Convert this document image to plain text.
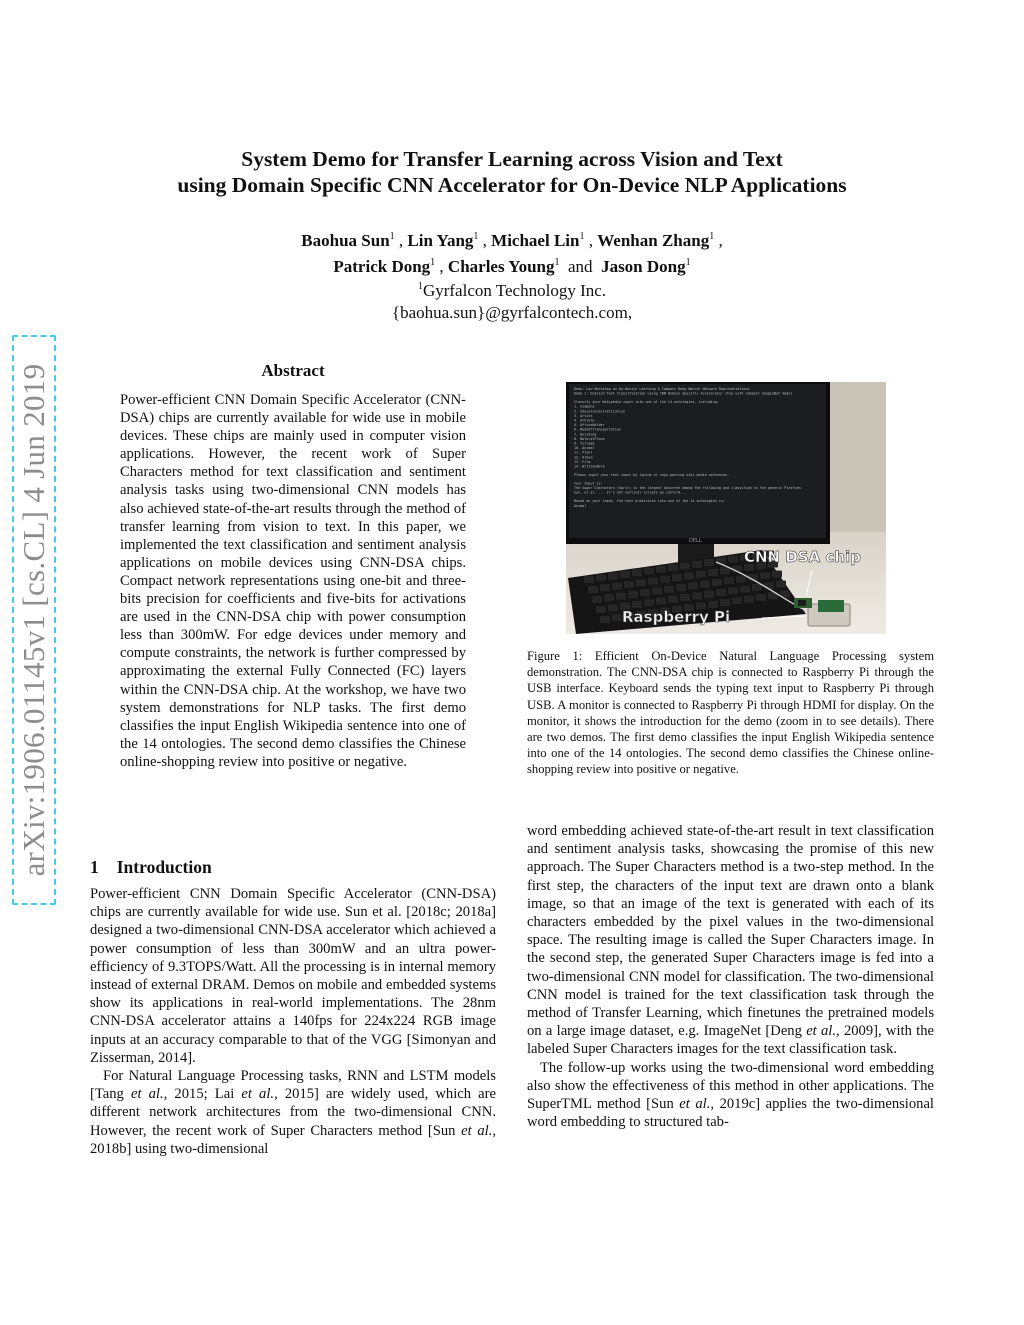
arXiv:1906.01145v1 [cs.CL] 4 Jun 2019
System Demo for Transfer Learning across Vision and Text
using Domain Specific CNN Accelerator for On-Device NLP Applications
Baohua Sun$^1$ , Lin Yang$^1$ , Michael Lin$^1$ , Wenhan Zhang$^1$ ,
Patrick Dong$^1$ , Charles Young$^1$ and Jason Dong$^1$
$^1$Gyrfalcon Technology Inc.
{baohua.sun}@gyrfalcontech.com,
Abstract
Power-efficient CNN Domain Specific Accelerator (CNN-DSA) chips are currently available for wide use in mobile devices. These chips are mainly used in computer vision applications. However, the recent work of Super Characters method for text classification and sentiment analysis tasks using two-dimensional CNN models has also achieved state-of-the-art results through the method of transfer learning from vision to text. In this paper, we implemented the text classification and sentiment analysis applications on mobile devices using CNN-DSA chips. Compact network representations using one-bit and three-bits precision for coefficients and five-bits for activations are used in the CNN-DSA chip with power consumption less than 300mW. For edge devices under memory and compute constraints, the network is further compressed by approximating the external Fully Connected (FC) layers within the CNN-DSA chip. At the workshop, we have two system demonstrations for NLP tasks. The first demo classifies the input English Wikipedia sentence into one of the 14 ontologies. The second demo classifies the Chinese online-shopping review into positive or negative.
1 Introduction

Power-efficient CNN Domain Specific Accelerator (CNN-DSA) chips are currently available for wide use. Sun et al. [2018c; 2018a] designed a two-dimensional CNN-DSA accelerator which achieved a power consumption of less than 300mW and an ultra power-efficiency of 9.3TOPS/Watt. All the processing is in internal memory instead of external DRAM. Demos on mobile and embedded systems show its applications in real-world implementations. The 28nm CNN-DSA accelerator attains a 140fps for 224x224 RGB image inputs at an accuracy comparable to that of the VGG [Simonyan and Zisserman, 2014].

For Natural Language Processing tasks, RNN and LSTM models [Tang et al., 2015; Lai et al., 2015] are widely used, which are different network architectures from the two-dimensional CNN. However, the recent work of Super Characters method [Sun et al., 2018b] using two-dimensional

Demo: Low Workshop on On-Device Learning & Compact Deep Neural Network Representations
Demo 1: English Text Classification using CNN Domain Specific Accelerator chip with compact GoogLeNet model
Classify your Wikipedia input into one of the 14 ontologies, including:
1. Company
2. EducationalInstitution
3. Artist
4. Athlete
5. OfficeHolder
6. MeanOfTransportation
7. Building
8. NaturalPlace
9. Village
10. Animal
11. Plant
12. Album
13. Film
14. WrittenWork
Please input your text input by typing or copy-pasting wiki pedia sentences.
Your Input is:
The Super Characters (Sprit) is the largest discrete among the following and classified to the generic Platform.
Sun, et al. ... It's not vertical scripts we confirm...
Based on your input, the text prediction into one of the 14 ontologies is:
Animal
DELL
CNN DSA chip
Raspberry Pi
Figure 1: Efficient On-Device Natural Language Processing system demonstration. The CNN-DSA chip is connected to Raspberry Pi through the USB interface. Keyboard sends the typing text input to Raspberry Pi through USB. A monitor is connected to Raspberry Pi through HDMI for display. On the monitor, it shows the introduction for the demo (zoom in to see details). There are two demos. The first demo classifies the input English Wikipedia sentence into one of the 14 ontologies. The second demo classifies the Chinese online-shopping review into positive or negative.

word embedding achieved state-of-the-art result in text classification and sentiment analysis tasks, showcasing the promise of this new approach. The Super Characters method is a two-step method. In the first step, the characters of the input text are drawn onto a blank image, so that an image of the text is generated with each of its characters embedded by the pixel values in the two-dimensional space. The resulting image is called the Super Characters image. In the second step, the generated Super Characters image is fed into a two-dimensional CNN model for classification. The two-dimensional CNN model is trained for the text classification task through the method of Transfer Learning, which finetunes the pretrained models on a large image dataset, e.g. ImageNet [Deng et al., 2009], with the labeled Super Characters images for the text classification task.

The follow-up works using the two-dimensional word embedding also show the effectiveness of this method in other applications. The SuperTML method [Sun et al., 2019c] applies the two-dimensional word embedding to structured tab-
